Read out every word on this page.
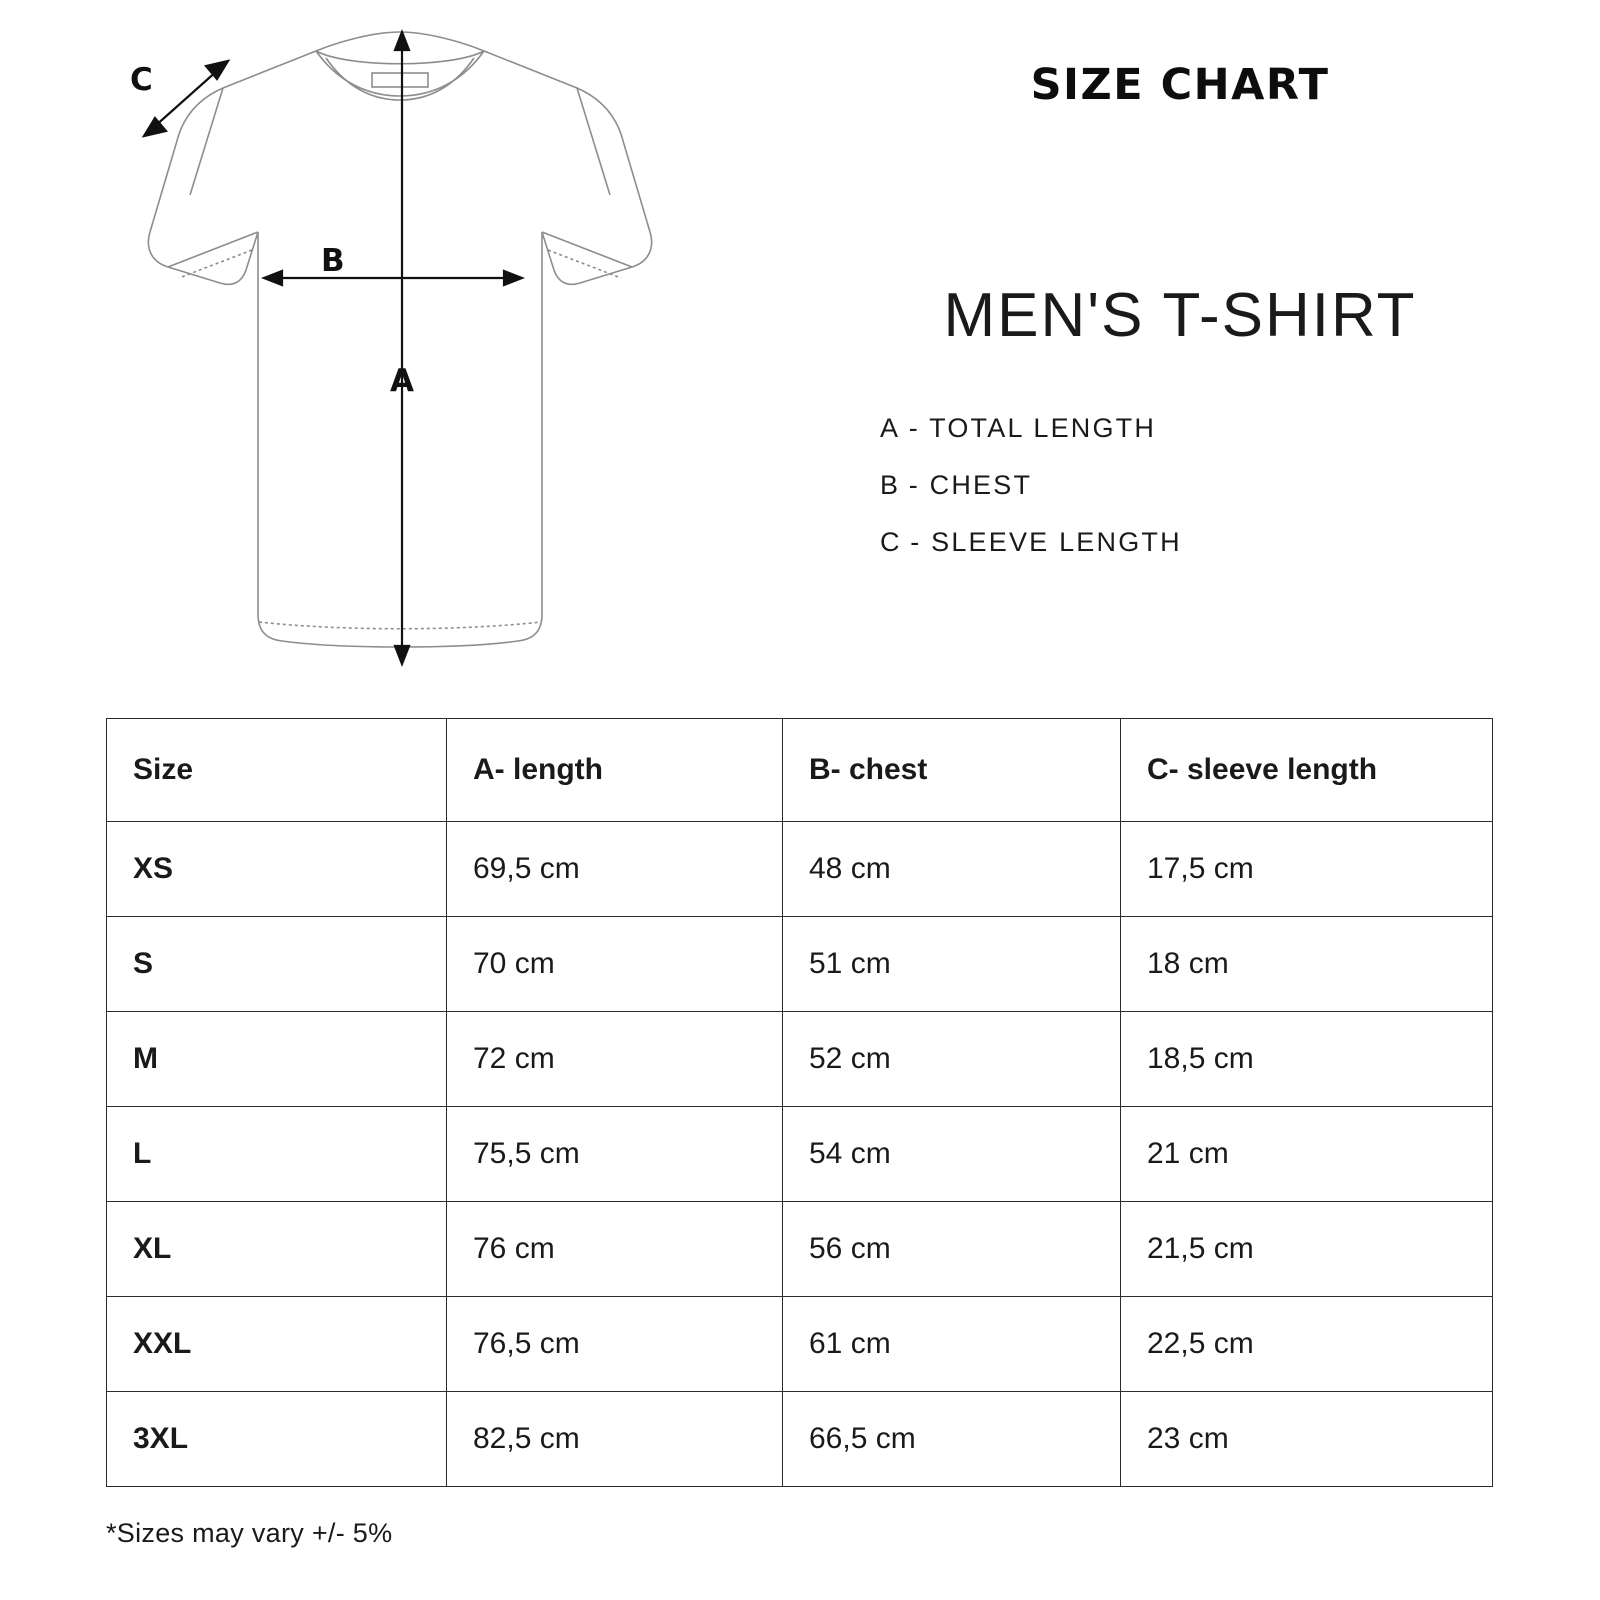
A
B
C	SIZE CHART
MEN'S T-SHIRT
A - TOTAL LENGTH
B - CHEST
C - SLEEVE LENGTH
Size	A- length	B- chest	C- sleeve length
XS	69,5 cm	48 cm	17,5 cm
S	70 cm	51 cm	18 cm
M	72 cm	52 cm	18,5 cm
L	75,5 cm	54 cm	21 cm
XL	76 cm	56 cm	21,5 cm
XXL	76,5 cm	61 cm	22,5 cm
3XL	82,5 cm	66,5 cm	23 cm
*Sizes may vary +/- 5%
